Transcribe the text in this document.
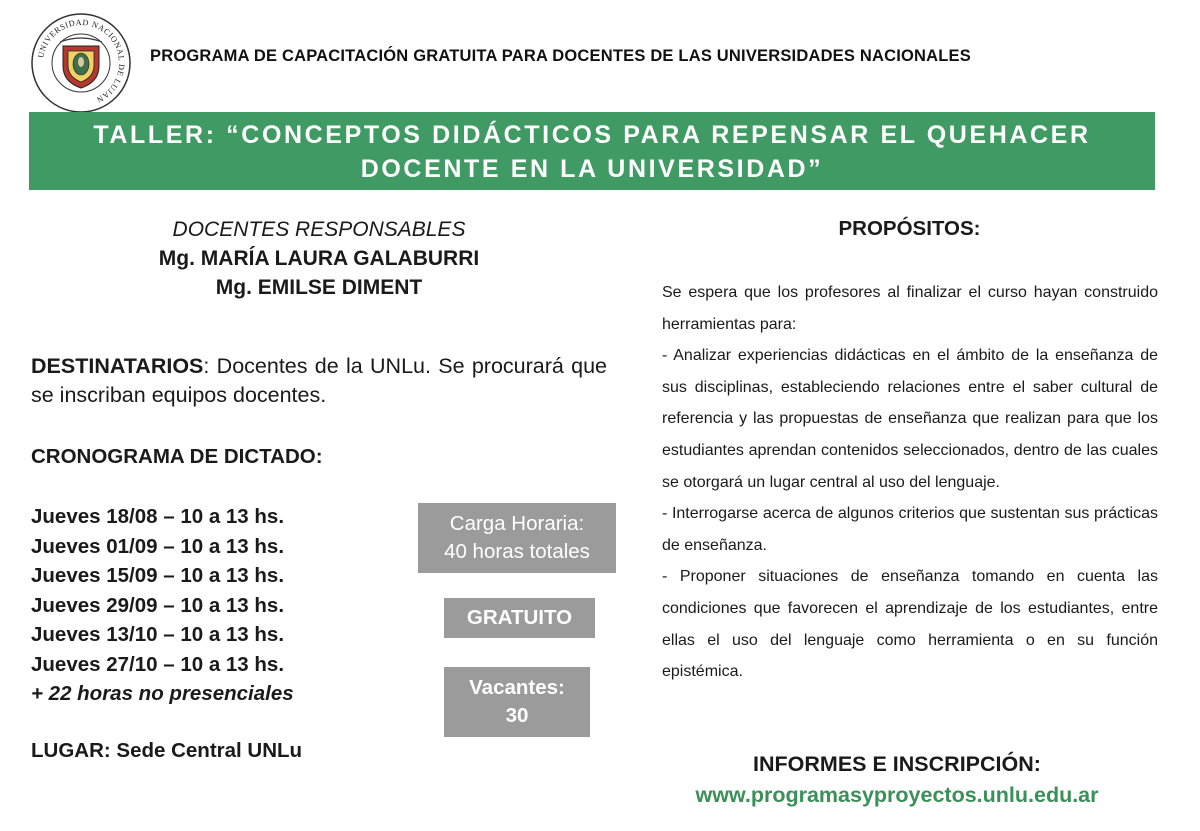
UNIVERSIDAD NACIONAL DE LUJAN
PROGRAMA DE CAPACITACIÓN GRATUITA PARA DOCENTES DE LAS UNIVERSIDADES NACIONALES
TALLER: “CONCEPTOS DIDÁCTICOS PARA REPENSAR EL QUEHACER
DOCENTE EN LA UNIVERSIDAD”
DOCENTES RESPONSABLES
Mg. MARÍA LAURA GALABURRI
Mg. EMILSE DIMENT
DESTINATARIOS: Docentes de la UNLu. Se procurará que se inscriban equipos docentes.
CRONOGRAMA DE DICTADO:
Jueves 18/08 – 10 a 13 hs.
Jueves 01/09 – 10 a 13 hs.
Jueves 15/09 – 10 a 13 hs.
Jueves 29/09 – 10 a 13 hs.
Jueves 13/10 – 10 a 13 hs.
Jueves 27/10 – 10 a 13 hs.
+ 22 horas no presenciales
LUGAR: Sede Central UNLu
Carga Horaria:
40 horas totales
GRATUITO
Vacantes:
30
PROPÓSITOS:

Se espera que los profesores al finalizar el curso hayan construido herramientas para:

- Analizar experiencias didácticas en el ámbito de la enseñanza de sus disciplinas, estableciendo relaciones entre el saber cultural de referencia y las propuestas de enseñanza que realizan para que los estudiantes aprendan contenidos seleccionados, dentro de las cuales se otorgará un lugar central al uso del lenguaje.

- Interrogarse acerca de algunos criterios que sustentan sus prácticas de enseñanza.

- Proponer situaciones de enseñanza tomando en cuenta las condiciones que favorecen el aprendizaje de los estudiantes, entre ellas el uso del lenguaje como herramienta o en su función epistémica.

INFORMES E INSCRIPCIÓN:
www.programasyproyectos.unlu.edu.ar
